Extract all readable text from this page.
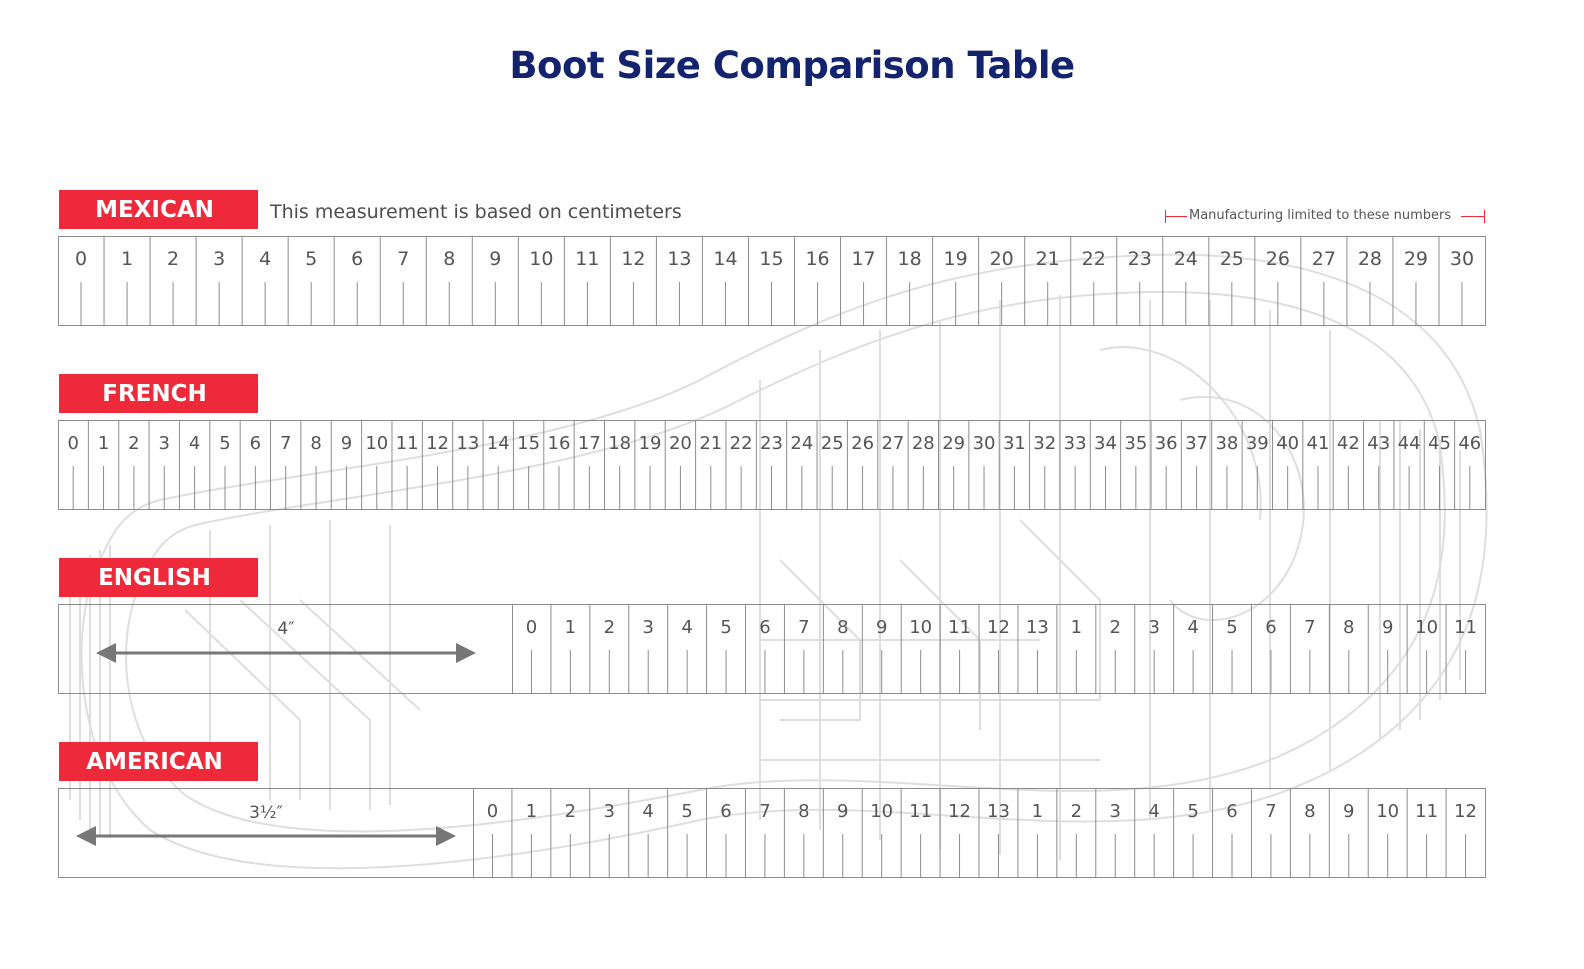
Boot Size Comparison Table
MEXICAN	This measurement is based on centimeters	Manufacturing limited to these numbers
0 1 2 3 4 5 6 7 8 9 10 11 12 13 14 15 16 17 18 19 20 21 22 23 24 25 26 27 28 29 30
FRENCH
0 1 2 3 4 5 6 7 8 9 10 11 12 13 14 15 16 17 18 19 20 21 22 23 24 25 26 27 28 29 30 31 32 33 34 35 36 37 38 39 40 41 42 43 44 45 46
ENGLISH
4″	0 1 2 3 4 5 6 7 8 9 10 11 12 13 1 2 3 4 5 6 7 8 9 10 11
AMERICAN
3½″	0 1 2 3 4 5 6 7 8 9 10 11 12 13 1 2 3 4 5 6 7 8 9 10 11 12
